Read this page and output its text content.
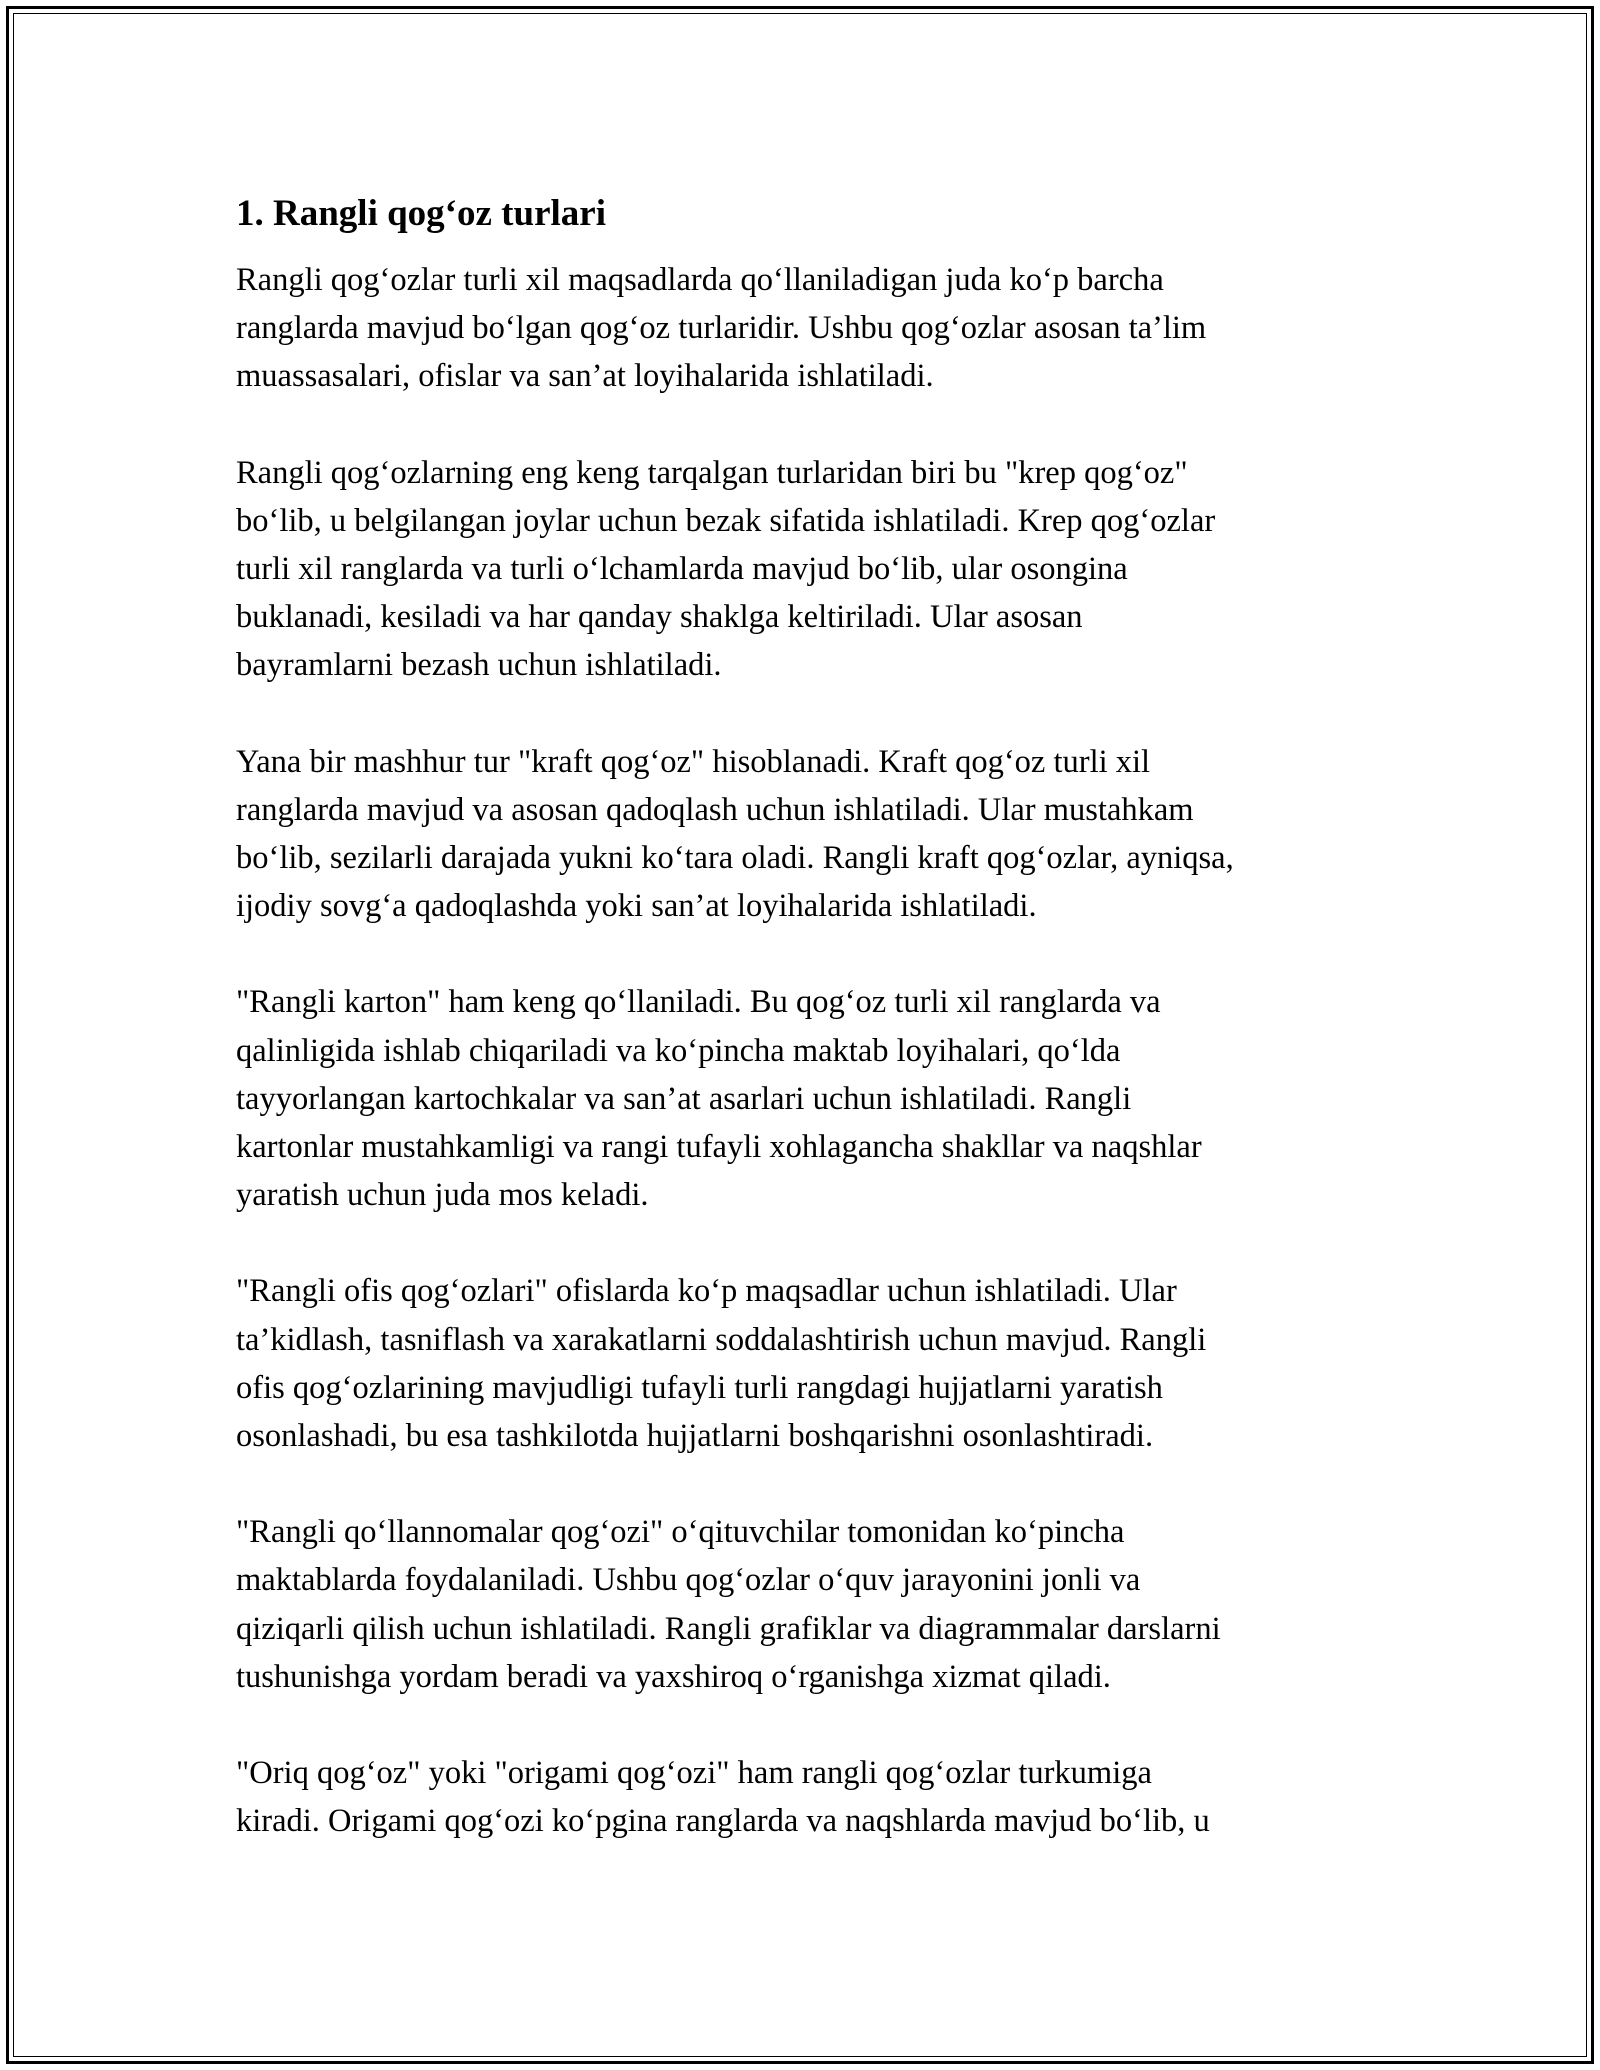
1. Rangli qog‘oz turlari

Rangli qog‘ozlar turli xil maqsadlarda qo‘llaniladigan juda ko‘p barcha
ranglarda mavjud bo‘lgan qog‘oz turlaridir. Ushbu qog‘ozlar asosan ta’lim
muassasalari, ofislar va san’at loyihalarida ishlatiladi.

Rangli qog‘ozlarning eng keng tarqalgan turlaridan biri bu "krep qog‘oz"
bo‘lib, u belgilangan joylar uchun bezak sifatida ishlatiladi. Krep qog‘ozlar
turli xil ranglarda va turli o‘lchamlarda mavjud bo‘lib, ular osongina
buklanadi, kesiladi va har qanday shaklga keltiriladi. Ular asosan
bayramlarni bezash uchun ishlatiladi.

Yana bir mashhur tur "kraft qog‘oz" hisoblanadi. Kraft qog‘oz turli xil
ranglarda mavjud va asosan qadoqlash uchun ishlatiladi. Ular mustahkam
bo‘lib, sezilarli darajada yukni ko‘tara oladi. Rangli kraft qog‘ozlar, ayniqsa,
ijodiy sovg‘a qadoqlashda yoki san’at loyihalarida ishlatiladi.

"Rangli karton" ham keng qo‘llaniladi. Bu qog‘oz turli xil ranglarda va
qalinligida ishlab chiqariladi va ko‘pincha maktab loyihalari, qo‘lda
tayyorlangan kartochkalar va san’at asarlari uchun ishlatiladi. Rangli
kartonlar mustahkamligi va rangi tufayli xohlagancha shakllar va naqshlar
yaratish uchun juda mos keladi.

"Rangli ofis qog‘ozlari" ofislarda ko‘p maqsadlar uchun ishlatiladi. Ular
ta’kidlash, tasniflash va xarakatlarni soddalashtirish uchun mavjud. Rangli
ofis qog‘ozlarining mavjudligi tufayli turli rangdagi hujjatlarni yaratish
osonlashadi, bu esa tashkilotda hujjatlarni boshqarishni osonlashtiradi.

"Rangli qo‘llannomalar qog‘ozi" o‘qituvchilar tomonidan ko‘pincha
maktablarda foydalaniladi. Ushbu qog‘ozlar o‘quv jarayonini jonli va
qiziqarli qilish uchun ishlatiladi. Rangli grafiklar va diagrammalar darslarni
tushunishga yordam beradi va yaxshiroq o‘rganishga xizmat qiladi.

"Oriq qog‘oz" yoki "origami qog‘ozi" ham rangli qog‘ozlar turkumiga
kiradi. Origami qog‘ozi ko‘pgina ranglarda va naqshlarda mavjud bo‘lib, u
